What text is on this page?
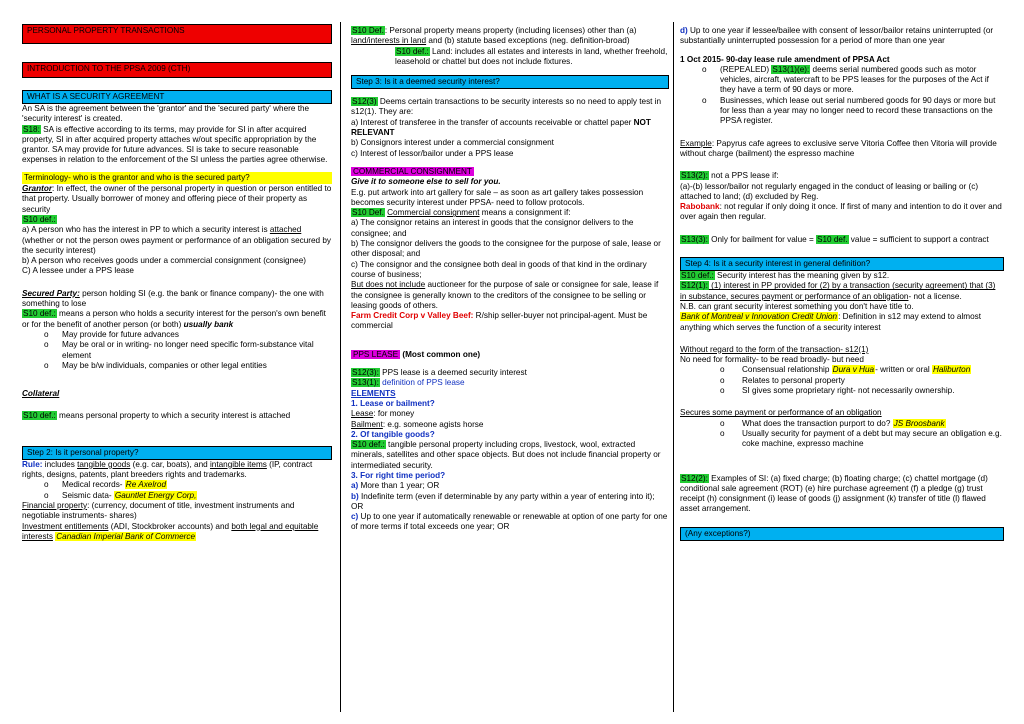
PERSONAL PROPERTY TRANSACTIONS
INTRODUCTION TO THE PPSA 2009 (CTH)
WHAT IS A SECURITY AGREEMENT

An SA is the agreement between the 'grantor' and the 'secured party' where the 'security interest' is created.

S18: SA is effective according to its terms, may provide for SI in after acquired property, SI in after acquired property attaches w/out specific appropriation by the grantor. SA may provide for future advances. SI is take to secure reasonable expenses in relation to the enforcement of the SI unless the parties agree otherwise.

Terminology- who is the grantor and who is the secured party?

Grantor: In effect, the owner of the personal property in question or person entitled to that property. Usually borrower of money and offering piece of their property as security

S10 def.:

a) A person who has the interest in PP to which a security interest is attached (whether or not the person owes payment or performance of an obligation secured by the security interest)

b) A person who receives goods under a commercial consignment (consignee)

C) A lessee under a PPS lease

Secured Party: person holding SI (e.g. the bank or finance company)- the one with something to lose

S10 def.: means a person who holds a security interest for the person's own benefit or for the benefit of another person (or both) usually bank

o	May provide for future advances
o	May be oral or in writing- no longer need specific form-substance vital element
o	May be b/w individuals, companies or other legal entities

Collateral

S10 def.: means personal property to which a security interest is attached

Step 2: Is it personal property?

Rule: includes tangible goods (e.g. car, boats), and intangible items (IP, contract rights, designs, patents, plant breeders rights and trademarks.

o	Medical records- Re Axelrod
o	Seismic data- Gauntlet Energy Corp,

Financial property: (currency, document of title, investment instruments and negotiable instruments- shares)

Investment entitlements (ADI, Stockbroker accounts) and both legal and equitable interests Canadian Imperial Bank of Commerce

S10 Def.: Personal property means property (including licenses) other than (a) land/interests in land and (b) statute based exceptions (neg. definition-broad)

S10 def.: Land: includes all estates and interests in land, whether freehold, leasehold or chattel but does not include fixtures.

Step 3: Is it a deemed security interest?

S12(3) Deems certain transactions to be security interests so no need to apply test in s12(1). They are:

a) Interest of transferee in the transfer of accounts receivable or chattel paper NOT RELEVANT

b) Consignors interest under a commercial consignment

c) Interest of lessor/bailor under a PPS lease

COMMERCIAL CONSIGNMENT

Give it to someone else to sell for you.

E.g. put artwork into art gallery for sale – as soon as art gallery takes possession becomes security interest under PPSA- need to follow protocols.

S10 Def. Commercial consignment means a consignment if:

a) The consignor retains an interest in goods that the consignor delivers to the consignee; and

b) The consignor delivers the goods to the consignee for the purpose of sale, lease or other disposal; and

c) The consignor and the consignee both deal in goods of that kind in the ordinary course of business;

But does not include auctioneer for the purpose of sale or consignee for sale, lease if the consignee is generally known to the creditors of the consignee to be selling or leasing goods of others.

Farm Credit Corp v Valley Beef: R/ship seller-buyer not principal-agent. Must be commercial

PPS LEASE (Most common one)

S12(3): PPS lease is a deemed security interest

S13(1): definition of PPS lease

ELEMENTS

1. Lease or bailment?

Lease: for money

Bailment: e.g. someone agists horse

2. Of tangible goods?

S10 def.: tangible personal property including crops, livestock, wool, extracted minerals, satellites and other space objects. But does not include financial property or intermediated security.

3. For right time period?

a) More than 1 year; OR

b) Indefinite term (even if determinable by any party within a year of entering into it); OR

c) Up to one year if automatically renewable or renewable at option of one party for one of more terms if total exceeds one year; OR

d) Up to one year if lessee/bailee with consent of lessor/bailor retains uninterrupted (or substantially uninterrupted possession for a period of more than one year

1 Oct 2015- 90-day lease rule amendment of PPSA Act

o	(REPEALED) S13(1)(e): deems serial numbered goods such as motor vehicles, aircraft, watercraft to be PPS leases for the purposes of the Act if they have a term of 90 days or more.
o	Businesses, which lease out serial numbered goods for 90 days or more but for less than a year may no longer need to record these transactions on the PPSA register.

Example: Papyrus cafe agrees to exclusive serve Vitoria Coffee then Vitoria will provide without charge (bailment) the espresso machine

S13(2): not a PPS lease if:

(a)-(b) lessor/bailor not regularly engaged in the conduct of leasing or bailing or (c) attached to land; (d) excluded by Reg.

Rabobank: not regular if only doing it once. If first of many and intention to do it over and over again then regular.

S13(3): Only for bailment for value = S10 def. value = sufficient to support a contract

Step 4: Is it a security interest in general definition?

S10 def.: Security interest has the meaning given by s12.

S12(1): (1) interest in PP provided for (2) by a transaction (security agreement) that (3) in substance, secures payment or performance of an obligation- not a license.

N.B. can grant security interest something you don't have title to.

Bank of Montreal v Innovation Credit Union: Definition in s12 may extend to almost anything which serves the function of a security interest

Without regard to the form of the transaction- s12(1)

No need for formality- to be read broadly- but need

o	Consensual relationship Dura v Hua- written or oral Haliburton
o	Relates to personal property
o	SI gives some proprietary right- not necessarily ownership.

Secures some payment or performance of an obligation

o	What does the transaction purport to do? JS Broosbank
o	Usually security for payment of a debt but may secure an obligation e.g. coke machine, expresso machine

S12(2): Examples of SI: (a) fixed charge; (b) floating charge; (c) chattel mortgage (d) conditional sale agreement (ROT) (e) hire purchase agreement (f) a pledge (g) trust receipt (h) consignment (i) lease of goods (j) assignment (k) transfer of title (l) flawed asset arrangement.

(Any exceptions?)
